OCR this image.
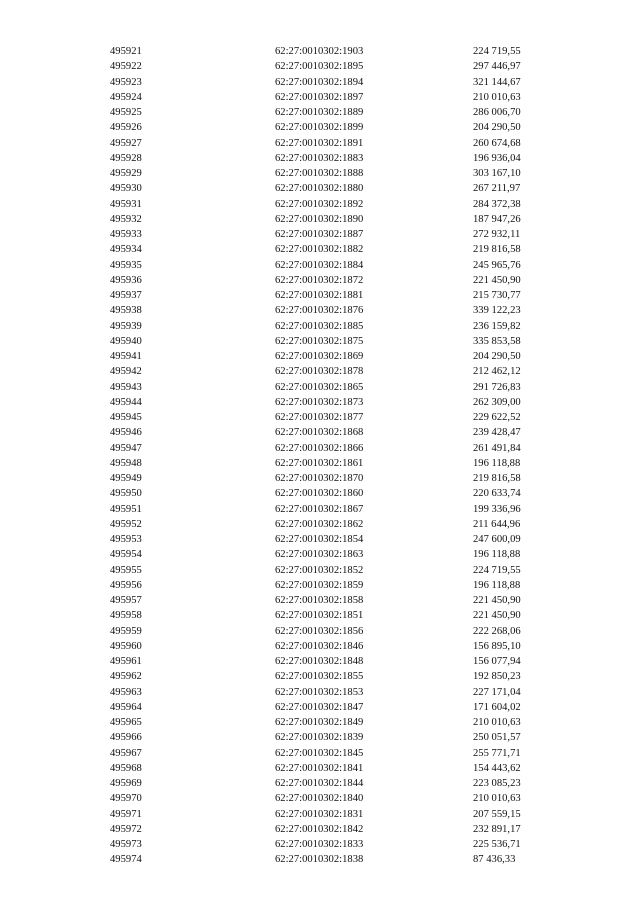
495921	62:27:0010302:1903	224 719,55
495922	62:27:0010302:1895	297 446,97
495923	62:27:0010302:1894	321 144,67
495924	62:27:0010302:1897	210 010,63
495925	62:27:0010302:1889	286 006,70
495926	62:27:0010302:1899	204 290,50
495927	62:27:0010302:1891	260 674,68
495928	62:27:0010302:1883	196 936,04
495929	62:27:0010302:1888	303 167,10
495930	62:27:0010302:1880	267 211,97
495931	62:27:0010302:1892	284 372,38
495932	62:27:0010302:1890	187 947,26
495933	62:27:0010302:1887	272 932,11
495934	62:27:0010302:1882	219 816,58
495935	62:27:0010302:1884	245 965,76
495936	62:27:0010302:1872	221 450,90
495937	62:27:0010302:1881	215 730,77
495938	62:27:0010302:1876	339 122,23
495939	62:27:0010302:1885	236 159,82
495940	62:27:0010302:1875	335 853,58
495941	62:27:0010302:1869	204 290,50
495942	62:27:0010302:1878	212 462,12
495943	62:27:0010302:1865	291 726,83
495944	62:27:0010302:1873	262 309,00
495945	62:27:0010302:1877	229 622,52
495946	62:27:0010302:1868	239 428,47
495947	62:27:0010302:1866	261 491,84
495948	62:27:0010302:1861	196 118,88
495949	62:27:0010302:1870	219 816,58
495950	62:27:0010302:1860	220 633,74
495951	62:27:0010302:1867	199 336,96
495952	62:27:0010302:1862	211 644,96
495953	62:27:0010302:1854	247 600,09
495954	62:27:0010302:1863	196 118,88
495955	62:27:0010302:1852	224 719,55
495956	62:27:0010302:1859	196 118,88
495957	62:27:0010302:1858	221 450,90
495958	62:27:0010302:1851	221 450,90
495959	62:27:0010302:1856	222 268,06
495960	62:27:0010302:1846	156 895,10
495961	62:27:0010302:1848	156 077,94
495962	62:27:0010302:1855	192 850,23
495963	62:27:0010302:1853	227 171,04
495964	62:27:0010302:1847	171 604,02
495965	62:27:0010302:1849	210 010,63
495966	62:27:0010302:1839	250 051,57
495967	62:27:0010302:1845	255 771,71
495968	62:27:0010302:1841	154 443,62
495969	62:27:0010302:1844	223 085,23
495970	62:27:0010302:1840	210 010,63
495971	62:27:0010302:1831	207 559,15
495972	62:27:0010302:1842	232 891,17
495973	62:27:0010302:1833	225 536,71
495974	62:27:0010302:1838	87 436,33
